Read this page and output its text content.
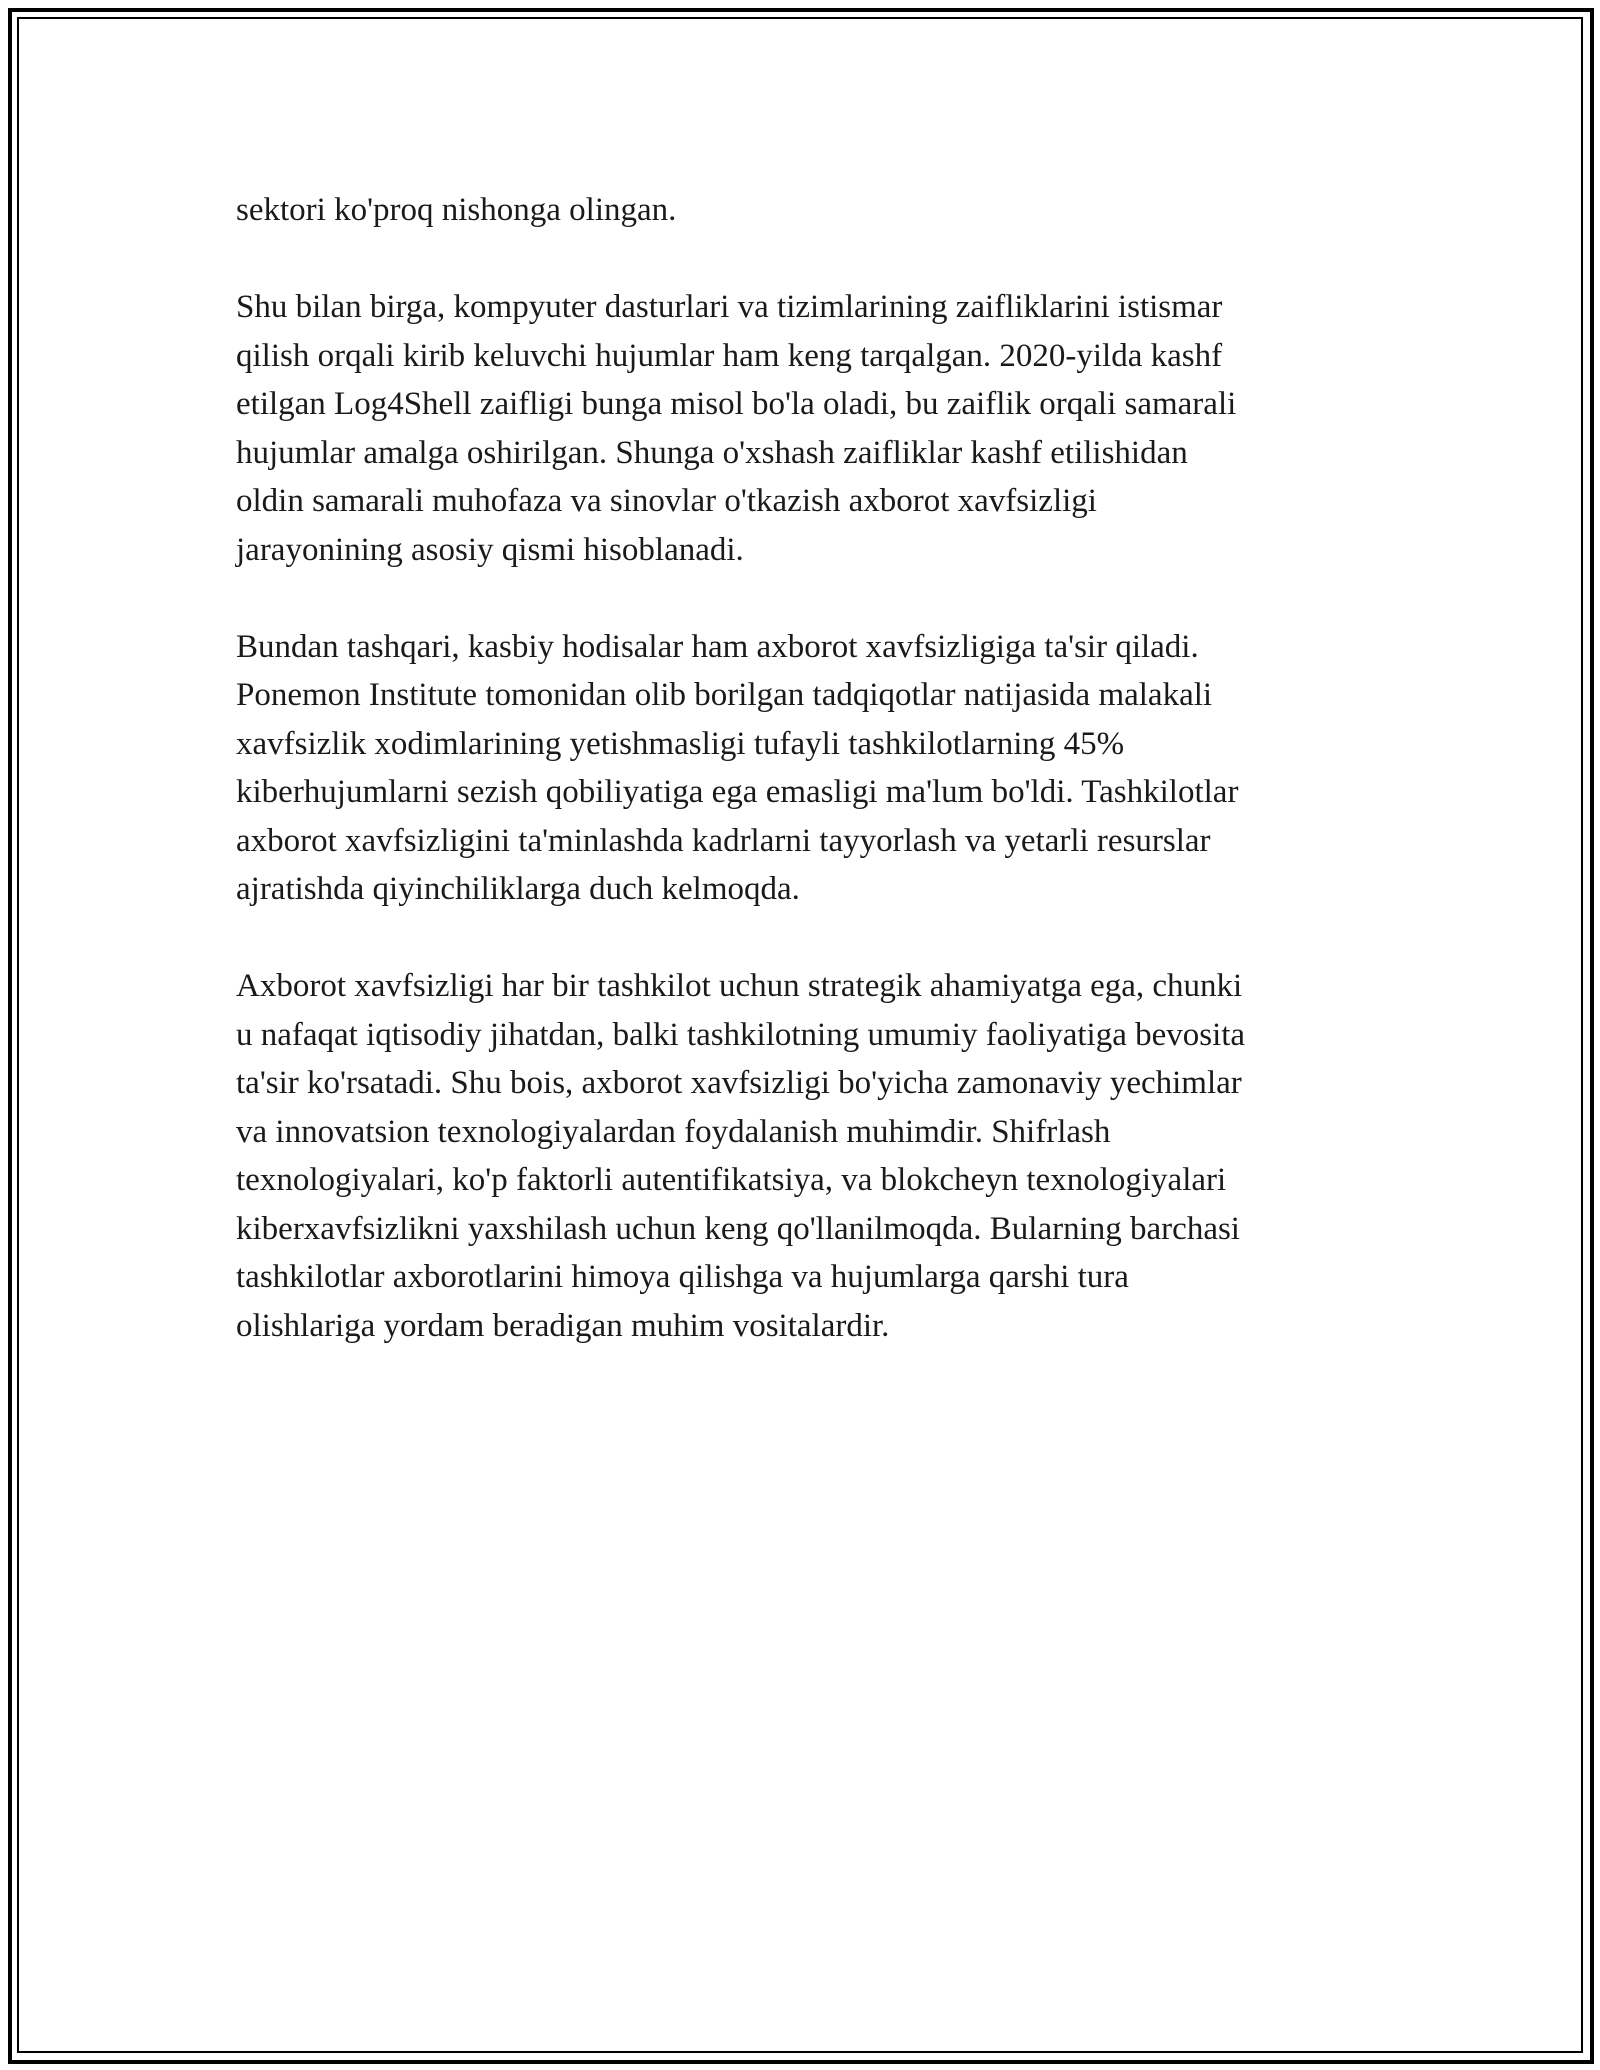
sektori ko'proq nishonga olingan.

Shu bilan birga, kompyuter dasturlari va tizimlarining zaifliklarini istismar
qilish orqali kirib keluvchi hujumlar ham keng tarqalgan. 2020-yilda kashf
etilgan Log4Shell zaifligi bunga misol bo'la oladi, bu zaiflik orqali samarali
hujumlar amalga oshirilgan. Shunga o'xshash zaifliklar kashf etilishidan
oldin samarali muhofaza va sinovlar o'tkazish axborot xavfsizligi
jarayonining asosiy qismi hisoblanadi.

Bundan tashqari, kasbiy hodisalar ham axborot xavfsizligiga ta'sir qiladi.
Ponemon Institute tomonidan olib borilgan tadqiqotlar natijasida malakali
xavfsizlik xodimlarining yetishmasligi tufayli tashkilotlarning 45%
kiberhujumlarni sezish qobiliyatiga ega emasligi ma'lum bo'ldi. Tashkilotlar
axborot xavfsizligini ta'minlashda kadrlarni tayyorlash va yetarli resurslar
ajratishda qiyinchiliklarga duch kelmoqda.

Axborot xavfsizligi har bir tashkilot uchun strategik ahamiyatga ega, chunki
u nafaqat iqtisodiy jihatdan, balki tashkilotning umumiy faoliyatiga bevosita
ta'sir ko'rsatadi. Shu bois, axborot xavfsizligi bo'yicha zamonaviy yechimlar
va innovatsion texnologiyalardan foydalanish muhimdir. Shifrlash
texnologiyalari, ko'p faktorli autentifikatsiya, va blokcheyn texnologiyalari
kiberxavfsizlikni yaxshilash uchun keng qo'llanilmoqda. Bularning barchasi
tashkilotlar axborotlarini himoya qilishga va hujumlarga qarshi tura
olishlariga yordam beradigan muhim vositalardir.
